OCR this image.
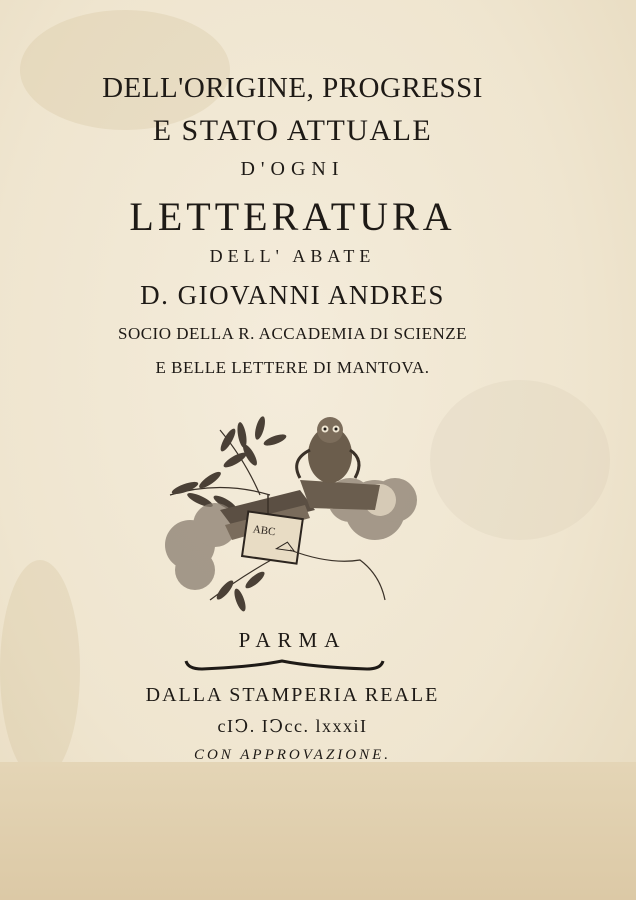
DELL'ORIGINE, PROGRESSI
E STATO ATTUALE
D'OGNI
LETTERATURA
DELL' ABATE
D. GIOVANNI ANDRES
SOCIO DELLA R. ACCADEMIA DI SCIENZE
E BELLE LETTERE DI MANTOVA.
ABC
PARMA
DALLA STAMPERIA REALE
cIↃ. IↃcc. lxxxiI
CON APPROVAZIONE.
